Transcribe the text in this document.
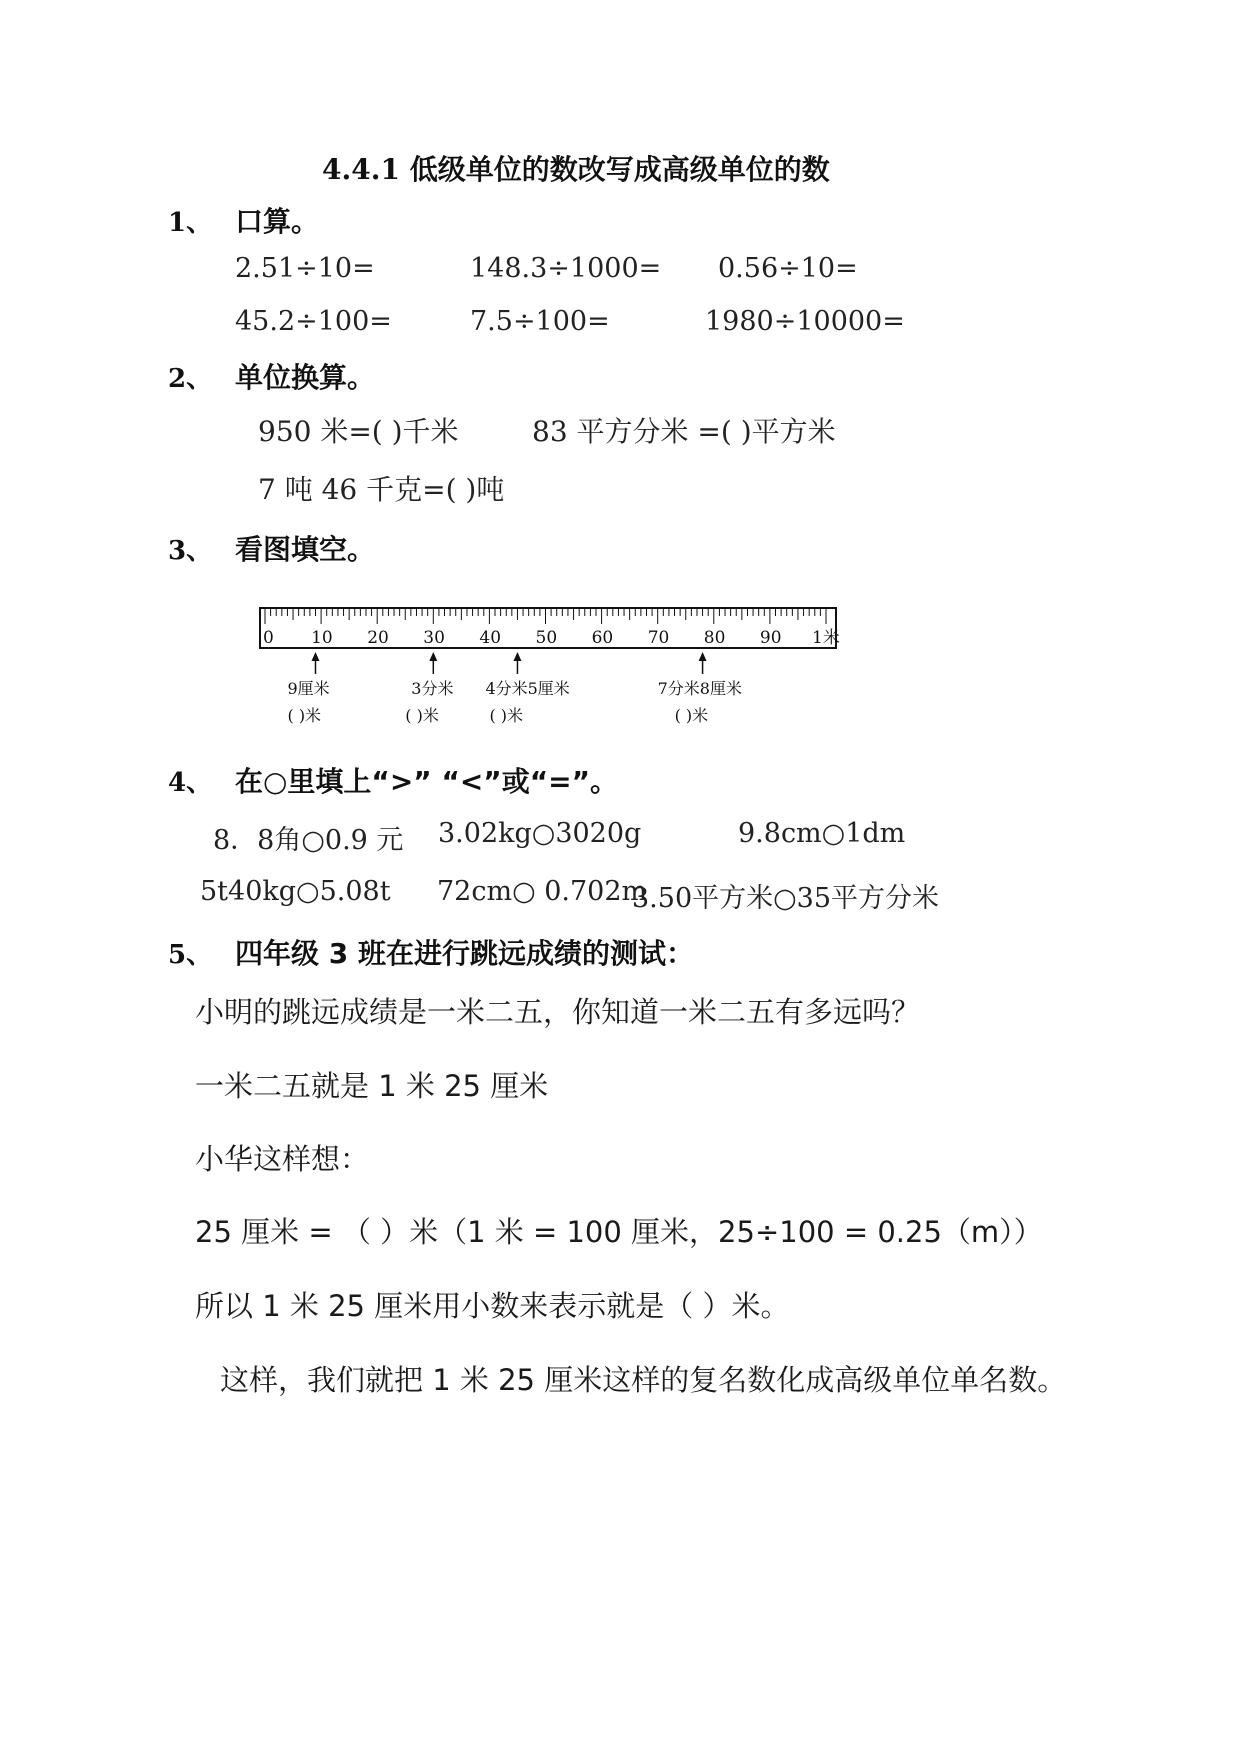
4.4.1 低级单位的数改写成高级单位的数
1、 口算。
2.51÷10=	148.3÷1000= 0.56÷10=
45.2÷100=	7.5÷100=	1980÷10000=
2、 单位换算。
950 米=( )千米	83 平方分米 =( )平方米
7 吨 46 千克=( )吨
3、 看图填空。
0 10 20 30 40 50 60 70 80 90 1米
9厘米
( )米
3分米
( )米
4分米5厘米
( )米
7分米8厘米
( )米
4、 在○里填上“>” “<”或“=”。
8．8角○0.9 元 3.02kg○3020g	9.8cm○1dm
5t40kg○5.08t 72cm○ 0.702m
3.50平方米○35平方分米
5、 四年级 3 班在进行跳远成绩的测试：
小明的跳远成绩是一米二五，你知道一米二五有多远吗？
一米二五就是 1 米 25 厘米
小华这样想：
25 厘米 = （ ）米（1 米 = 100 厘米，25÷100 = 0.25（m））
所以 1 米 25 厘米用小数来表示就是（ ）米。
这样，我们就把 1 米 25 厘米这样的复名数化成高级单位单名数。
